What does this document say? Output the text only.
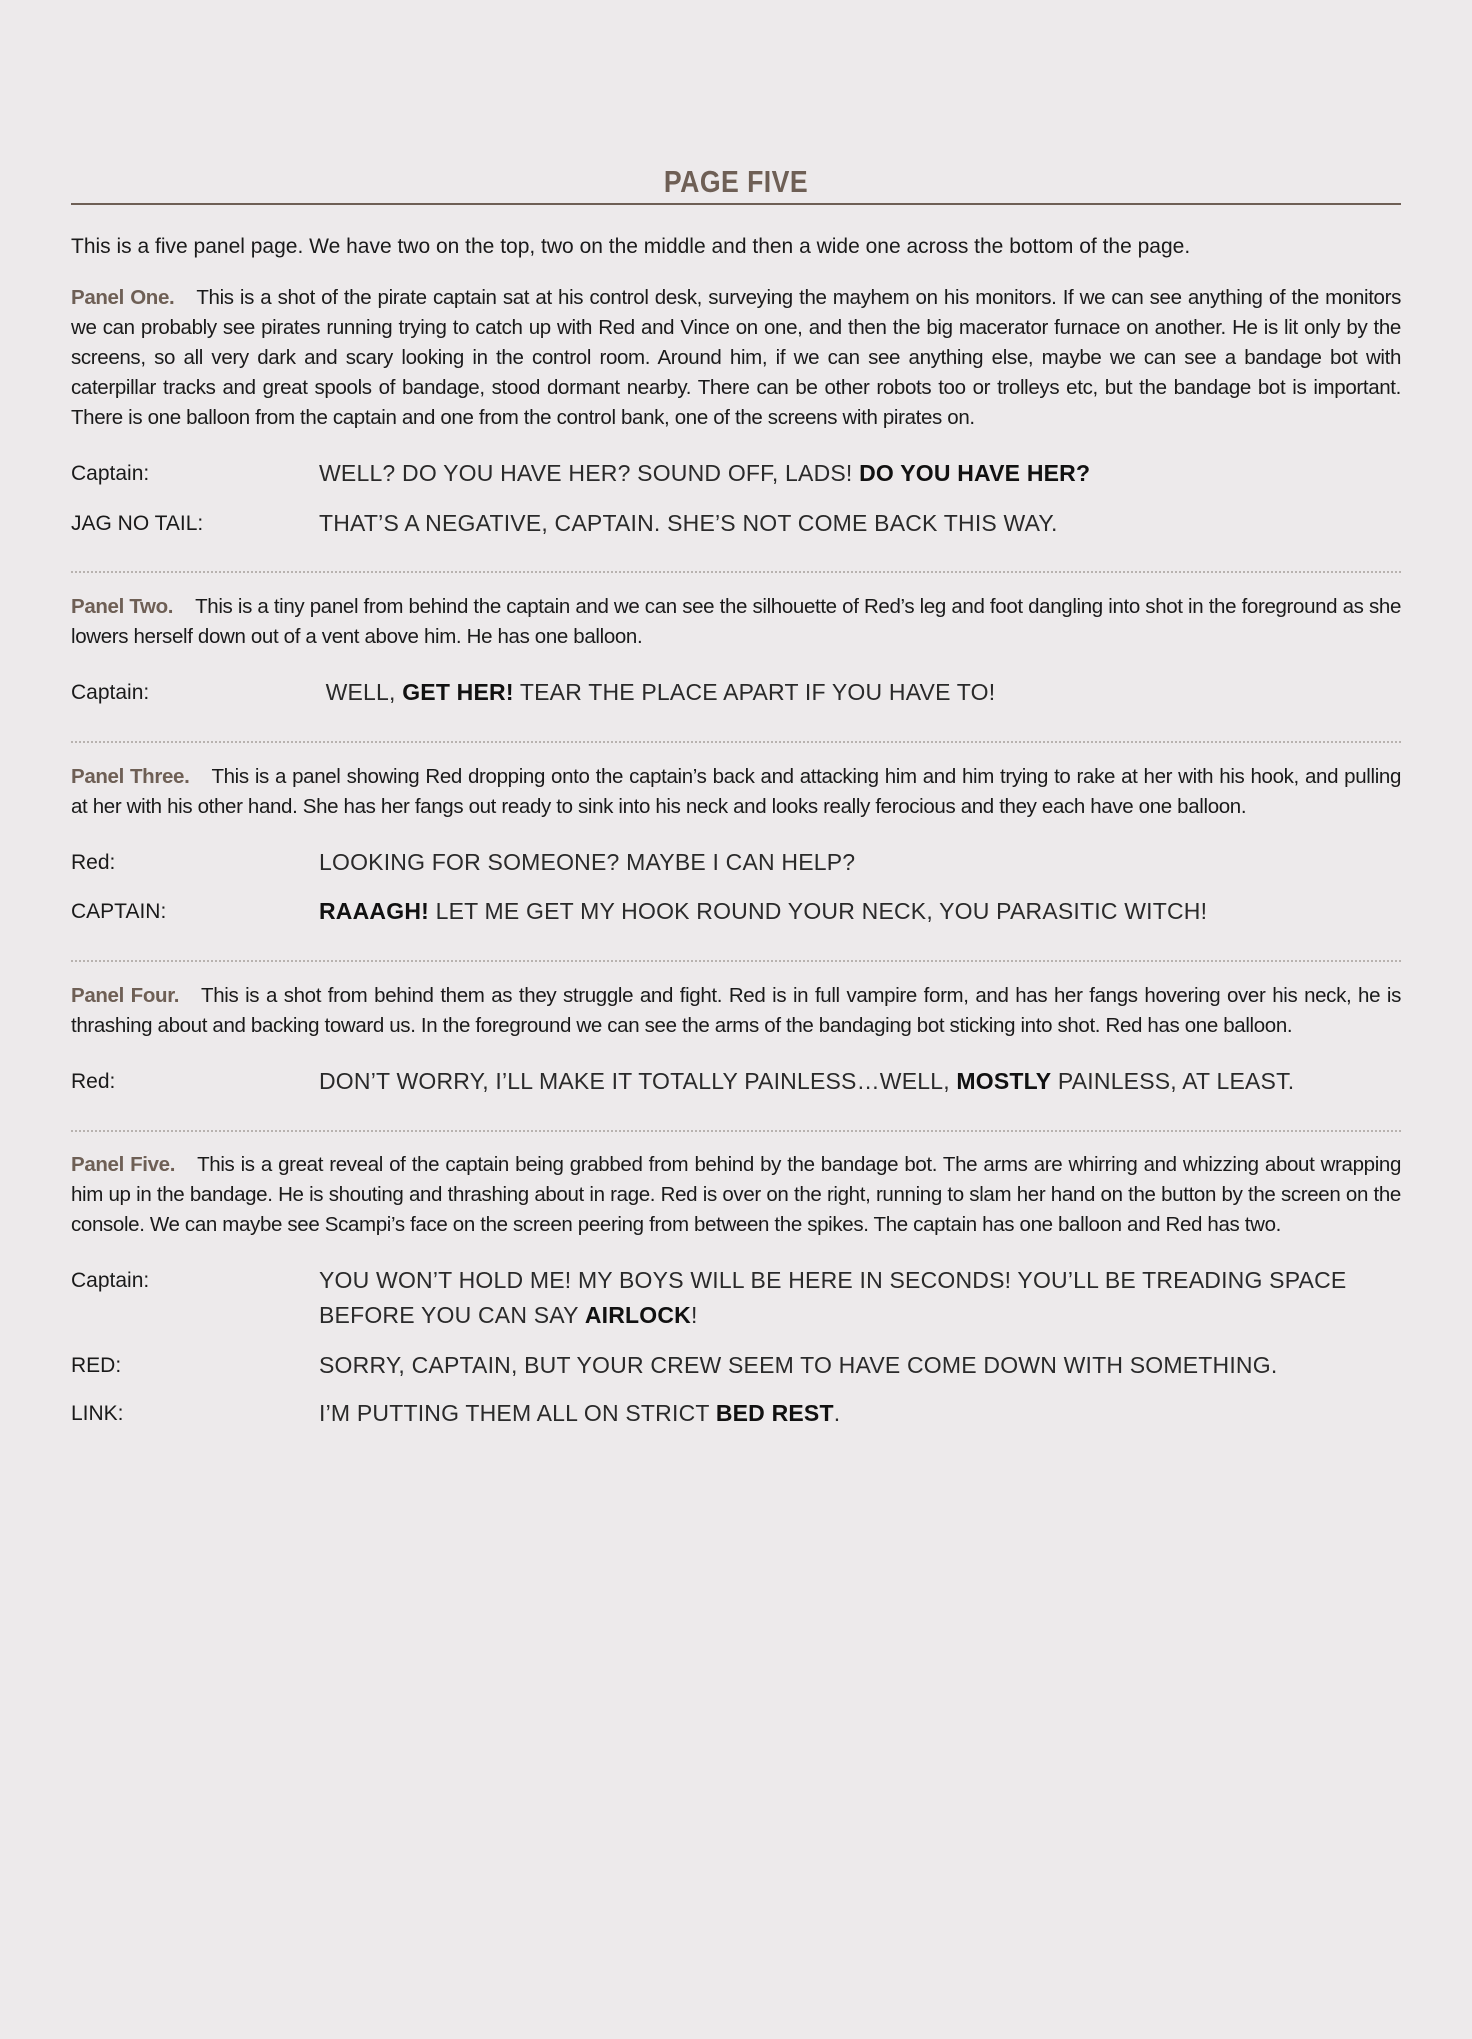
PAGE FIVE
This is a five panel page. We have two on the top, two on the middle and then a wide one across the bottom of the page.
Panel One. This is a shot of the pirate captain sat at his control desk, surveying the mayhem on his monitors. If we can see anything of the monitors we can probably see pirates running trying to catch up with Red and Vince on one, and then the big macerator furnace on another. He is lit only by the screens, so all very dark and scary looking in the control room. Around him, if we can see anything else, maybe we can see a bandage bot with caterpillar tracks and great spools of bandage, stood dormant nearby. There can be other robots too or trolleys etc, but the bandage bot is important. There is one balloon from the captain and one from the control bank, one of the screens with pirates on.
Captain:	WELL? DO YOU HAVE HER? SOUND OFF, LADS! DO YOU HAVE HER?
JAG NO TAIL:	THAT’S A NEGATIVE, CAPTAIN. SHE’S NOT COME BACK THIS WAY.
Panel Two. This is a tiny panel from behind the captain and we can see the silhouette of Red’s leg and foot dangling into shot in the foreground as she lowers herself down out of a vent above him. He has one balloon.
Captain:	WELL, GET HER! TEAR THE PLACE APART IF YOU HAVE TO!
Panel Three. This is a panel showing Red dropping onto the captain’s back and attacking him and him trying to rake at her with his hook, and pulling at her with his other hand. She has her fangs out ready to sink into his neck and looks really ferocious and they each have one balloon.
Red:	LOOKING FOR SOMEONE? MAYBE I CAN HELP?
CAPTAIN:	RAAAGH! LET ME GET MY HOOK ROUND YOUR NECK, YOU PARASITIC WITCH!
Panel Four. This is a shot from behind them as they struggle and fight. Red is in full vampire form, and has her fangs hovering over his neck, he is thrashing about and backing toward us. In the foreground we can see the arms of the bandaging bot sticking into shot. Red has one balloon.
Red:	DON’T WORRY, I’LL MAKE IT TOTALLY PAINLESS…WELL, MOSTLY PAINLESS, AT LEAST.
Panel Five. This is a great reveal of the captain being grabbed from behind by the bandage bot. The arms are whirring and whizzing about wrapping him up in the bandage. He is shouting and thrashing about in rage. Red is over on the right, running to slam her hand on the button by the screen on the console. We can maybe see Scampi’s face on the screen peering from between the spikes. The captain has one balloon and Red has two.
Captain:	YOU WON’T HOLD ME! MY BOYS WILL BE HERE IN SECONDS! YOU’LL BE TREADING SPACE BEFORE YOU CAN SAY AIRLOCK!
RED:	SORRY, CAPTAIN, BUT YOUR CREW SEEM TO HAVE COME DOWN WITH SOMETHING.
LINK:	I’M PUTTING THEM ALL ON STRICT BED REST.
